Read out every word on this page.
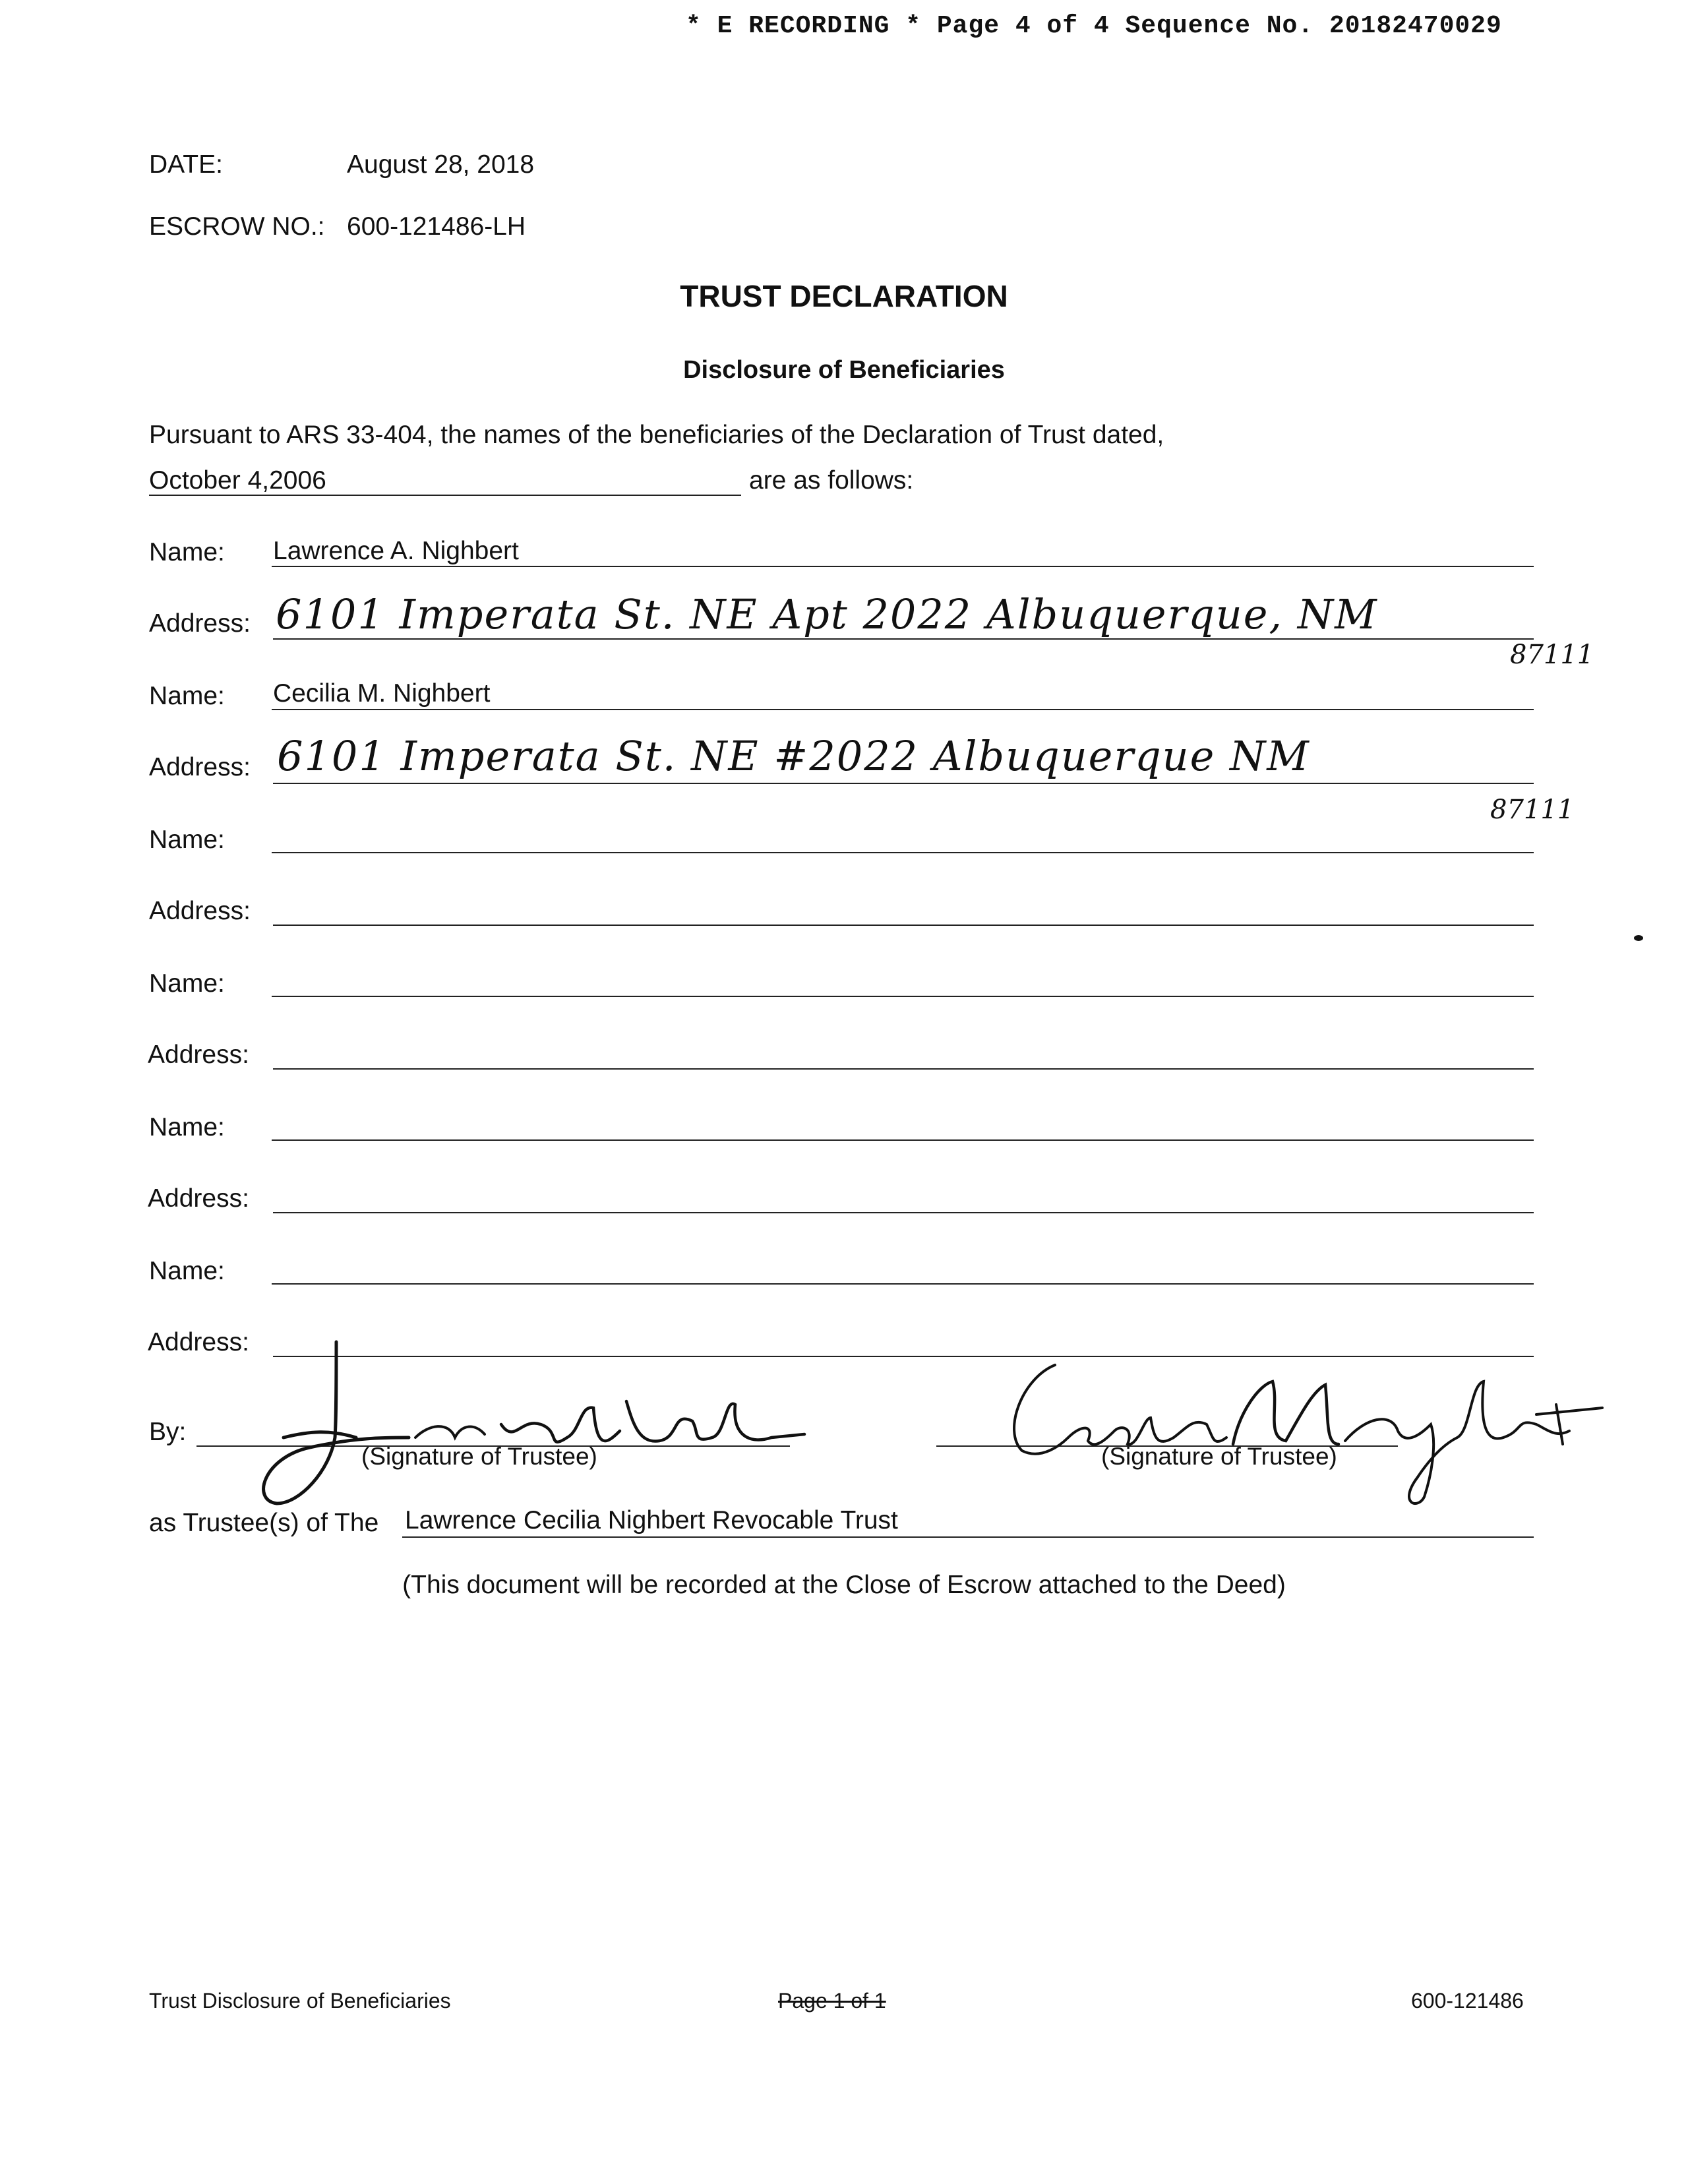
* E RECORDING * Page 4 of 4 Sequence No. 20182470029
DATE:	August 28, 2018
ESCROW NO.: 600-121486-LH
TRUST DECLARATION
Disclosure of Beneficiaries
Pursuant to ARS 33-404, the names of the beneficiaries of the Declaration of Trust dated,
October 4,2006	are as follows:
Name: Lawrence A. Nighbert
Address: 6101 Imperata St. NE Apt 2022 Albuquerque, NM
87111
Name: Cecilia M. Nighbert
Address: 6101 Imperata St. NE #2022 Albuquerque NM
87111
Name:
Address:
Name:
Address:
Name:
Address:
Name:
Address:
By:
(Signature of Trustee)	(Signature of Trustee)
as Trustee(s) of The Lawrence Cecilia Nighbert Revocable Trust
(This document will be recorded at the Close of Escrow attached to the Deed)
Trust Disclosure of Beneficiaries	Page 1 of 1	600-121486
